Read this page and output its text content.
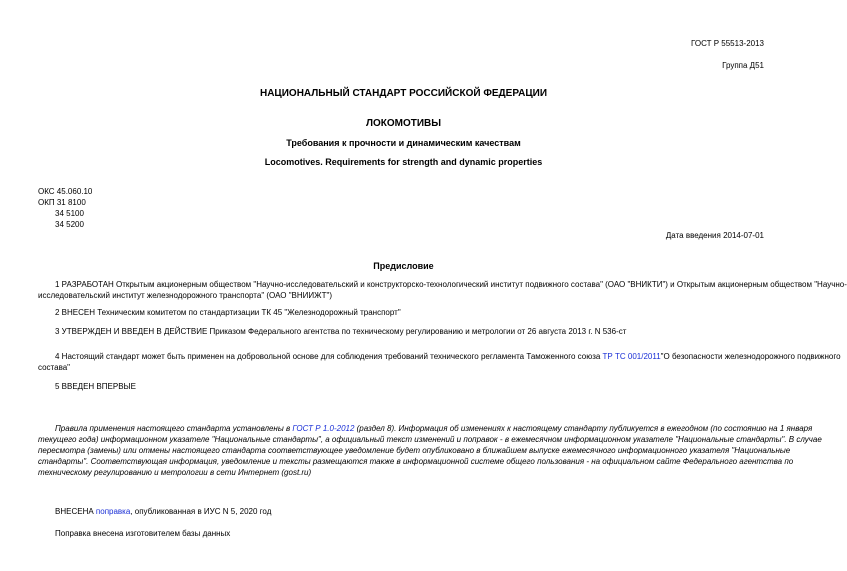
ГОСТ Р 55513-2013
Группа Д51
НАЦИОНАЛЬНЫЙ СТАНДАРТ РОССИЙСКОЙ ФЕДЕРАЦИИ
ЛОКОМОТИВЫ
Требования к прочности и динамическим качествам
Locomotives. Requirements for strength and dynamic properties
ОКС 45.060.10
ОКП 31 8100
34 5100
34 5200
Дата введения 2014-07-01
Предисловие
1 РАЗРАБОТАН Открытым акционерным обществом "Научно-исследовательский и конструкторско-технологический институт подвижного состава" (ОАО "ВНИКТИ") и Открытым акционерным обществом "Научно-
исследовательский институт железнодорожного транспорта" (ОАО "ВНИИЖТ")
2 ВНЕСЕН Техническим комитетом по стандартизации ТК 45 "Железнодорожный транспорт"
3 УТВЕРЖДЕН И ВВЕДЕН В ДЕЙСТВИЕ Приказом Федерального агентства по техническому регулированию и метрологии от 26 августа 2013 г. N 536-ст
4 Настоящий стандарт может быть применен на добровольной основе для соблюдения требований технического регламента Таможенного союза ТР ТС 001/2011"О безопасности железнодорожного подвижного
состава"
5 ВВЕДЕН ВПЕРВЫЕ
Правила применения настоящего стандарта установлены в ГОСТ Р 1.0-2012 (раздел 8). Информация об изменениях к настоящему стандарту публикуется в ежегодном (по состоянию на 1 января
текущего года) информационном указателе "Национальные стандарты", а официальный текст изменений и поправок - в ежемесячном информационном указателе "Национальные стандарты". В случае
пересмотра (замены) или отмены настоящего стандарта соответствующее уведомление будет опубликовано в ближайшем выпуске ежемесячного информационного указателя "Национальные
стандарты". Соответствующая информация, уведомление и тексты размещаются также в информационной системе общего пользования - на официальном сайте Федерального агентства по
техническому регулированию и метрологии в сети Интернет (gost.ru)
ВНЕСЕНА поправка, опубликованная в ИУС N 5, 2020 год
Поправка внесена изготовителем базы данных
